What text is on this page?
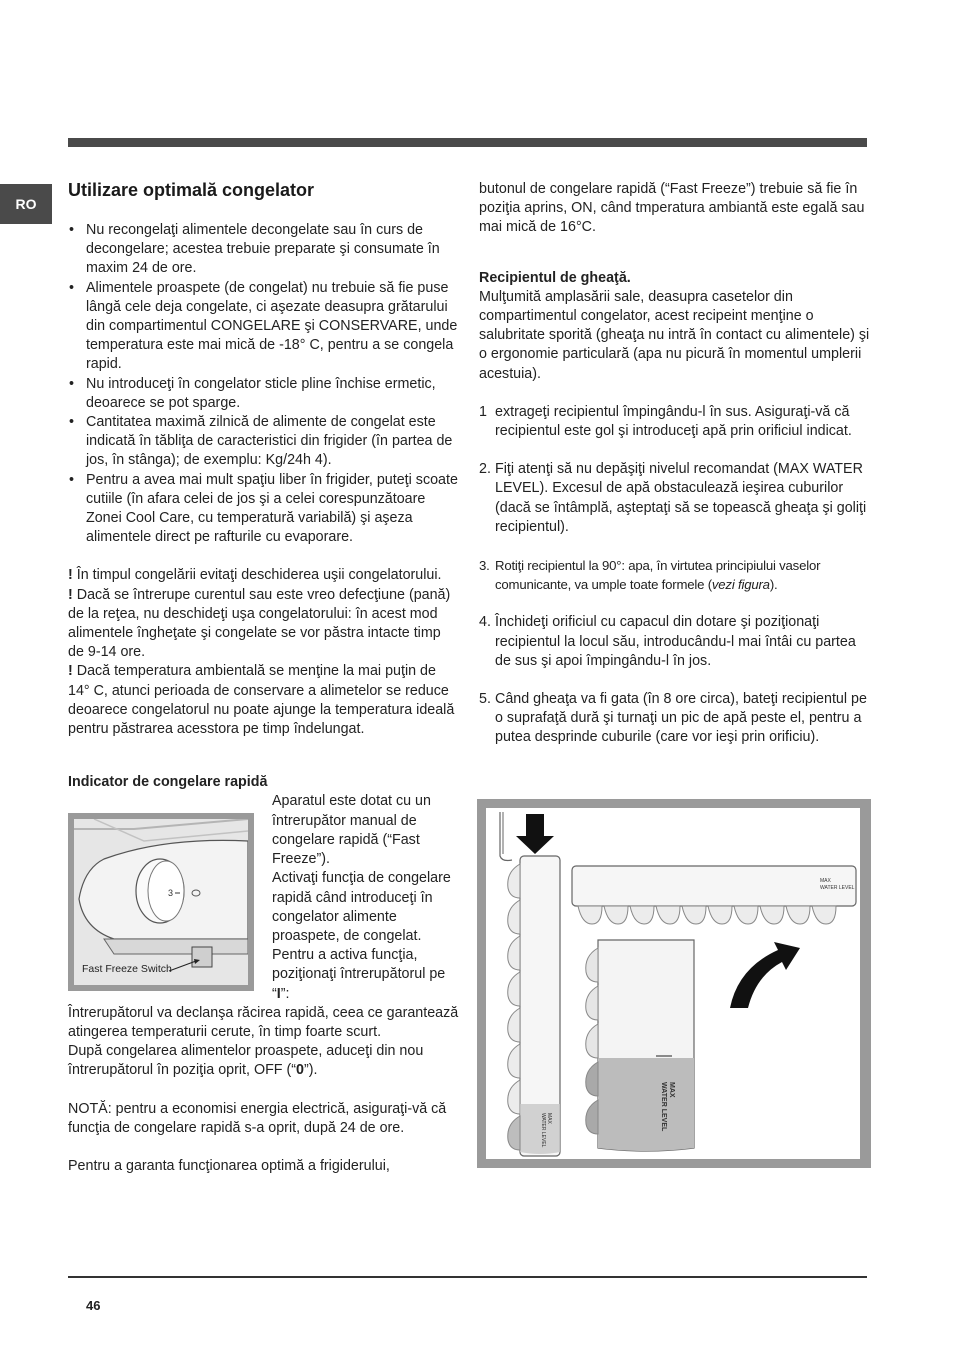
RO
Utilizare optimală congelator
• Nu recongelaţi alimentele decongelate sau în curs de decongelare; acestea trebuie preparate şi consumate în maxim 24 de ore.
• Alimentele proaspete (de congelat) nu trebuie să fie puse lângă cele deja congelate, ci aşezate deasupra grătarului din compartimentul CONGELARE şi CONSERVARE, unde temperatura este mai mică de -18° C, pentru a se congela rapid.
• Nu introduceţi în congelator sticle pline închise ermetic, deoarece se pot sparge.
• Cantitatea maximă zilnică de alimente de congelat este indicată în tăbliţa de caracteristici din frigider (în partea de jos, în stânga); de exemplu: Kg/24h 4).
• Pentru a avea mai mult spaţiu liber în frigider, puteţi scoate cutiile (în afara celei de jos şi a celei corespunzătoare Zonei Cool Care, cu temperatură variabilă) şi aşeza alimentele direct pe rafturile cu evaporare.

! În timpul congelării evitaţi deschiderea uşii congelatorului.

! Dacă se întrerupe curentul sau este vreo defecţiune (pană) de la reţea, nu deschideţi uşa congelatorului: în acest mod alimentele îngheţate şi congelate se vor păstra intacte timp de 9-14 ore.

! Dacă temperatura ambientală se menţine la mai puţin de 14° C, atunci perioada de conservare a alimetelor se reduce deoarece congelatorul nu poate ajunge la temperatura ideală pentru păstrarea acesstora pe timp îndelungat.

Indicator de congelare rapidă

3
Fast Freeze Switch

Aparatul este dotat cu un întrerupător manual de congelare rapidă (“Fast Freeze”).

Activaţi funcţia de congelare rapidă când introduceţi în congelator alimente proaspete, de congelat.

Pentru a activa funcţia, poziţionaţi întrerupătorul pe “I”:

Întrerupătorul va declanşa răcirea rapidă, ceea ce garantează atingerea temperaturii cerute, în timp foarte scurt.

După congelarea alimentelor proaspete, aduceţi din nou întrerupătorul în poziţia oprit, OFF (“0”).

NOTĂ: pentru a economisi energia electrică, asiguraţi-vă că funcţia de congelare rapidă s-a oprit, după 24 de ore.

Pentru a garanta funcţionarea optimă a frigiderului,

butonul de congelare rapidă (“Fast Freeze”) trebuie să fie în poziţia aprins, ON, când tmperatura ambiantă este egală sau mai mică de 16°C.

Recipientul de gheaţă.

Mulţumită amplasării sale, deasupra casetelor din compartimentul congelator, acest recipeint menţine o salubritate sporită (gheaţa nu intră în contact cu alimentele) şi o ergonomie particulară (apa nu picură în momentul umplerii acestuia).

1 extrageţi recipientul împingându-l în sus. Asiguraţi-vă că recipientul este gol şi introduceţi apă prin orificiul indicat.
2. Fiţi atenţi să nu depăşiţi nivelul recomandat (MAX WATER LEVEL). Excesul de apă obstaculează ieşirea cuburilor (dacă se întâmplă, aşteptaţi să se topească gheaţa şi goliţi recipientul).
3. Rotiţi recipientul la 90°: apa, în virtutea principiului vaselor comunicante, va umple toate formele (vezi figura).
4. Închideţi orificiul cu capacul din dotare şi poziţionaţi recipientul la locul său, introducându-l mai întâi cu partea de sus şi apoi împingându-l în jos.
5. Când gheaţa va fi gata (în 8 ore circa), bateţi recipientul pe o suprafaţă dură şi turnaţi un pic de apă peste el, pentru a putea desprinde cuburile (care vor ieşi prin orificiu).
MAX
WATER LEVEL
MAX
WATER LEVEL
MAX
WATER LEVEL
46
